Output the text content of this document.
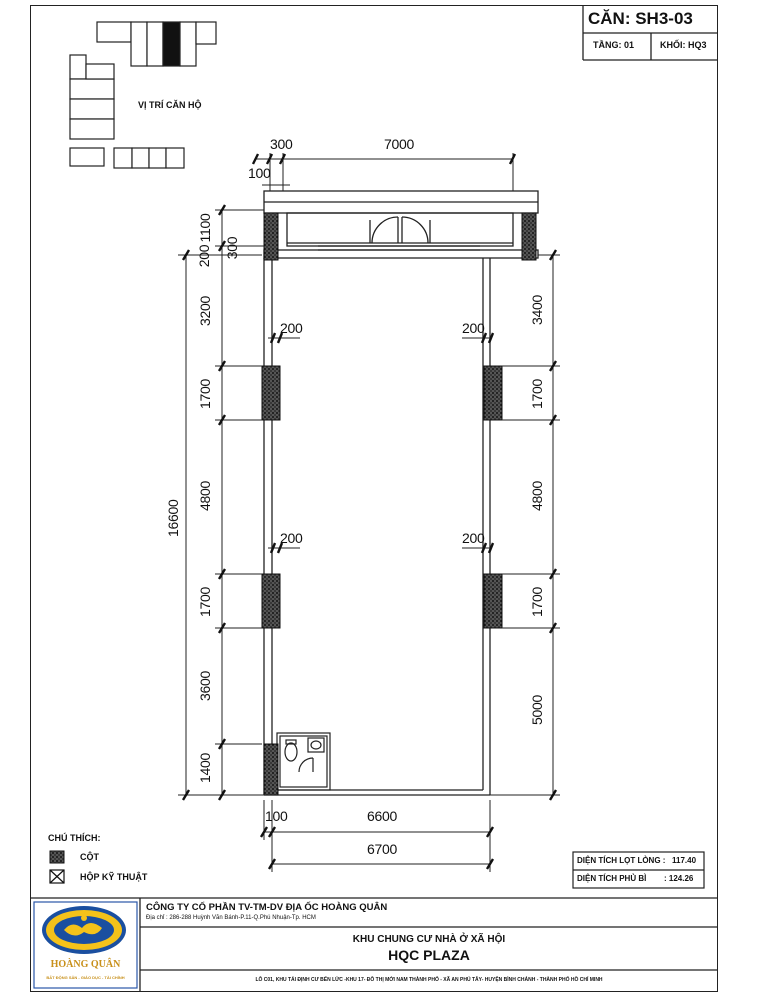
CĂN: SH3-03
TẦNG: 01	KHỐI: HQ3
VỊ TRÍ CĂN HỘ
300	7000
100
1100
200 300
3200
1700
4800
1700
3600
1400
16600
3400
1700
4800
1700
5000
200	200
200	200
100	6600
6700
CHÚ THÍCH:
CỘT
HỘP KỸ THUẬT
DIỆN TÍCH LỌT LÒNG : 117.40
DIỆN TÍCH PHỦ BÌ : 124.26
CÔNG TY CỔ PHẦN TV-TM-DV ĐỊA ỐC HOÀNG QUÂN
Địa chỉ : 286-288 Huỳnh Văn Bánh-P.11-Q.Phú Nhuận-Tp. HCM
KHU CHUNG CƯ NHÀ Ở XÃ HỘI
HQC PLAZA
LÔ C01, KHU TÁI ĐỊNH CƯ BẾN LỨC -KHU 17- ĐÔ THỊ MỚI NAM THÀNH PHỐ - XÃ AN PHÚ TÂY- HUYỆN BÌNH CHÁNH - THÀNH PHỐ HỒ CHÍ MINH
HOÀNG QUÂN
BẤT ĐỘNG SẢN - GIÁO DỤC - TÀI CHÍNH
